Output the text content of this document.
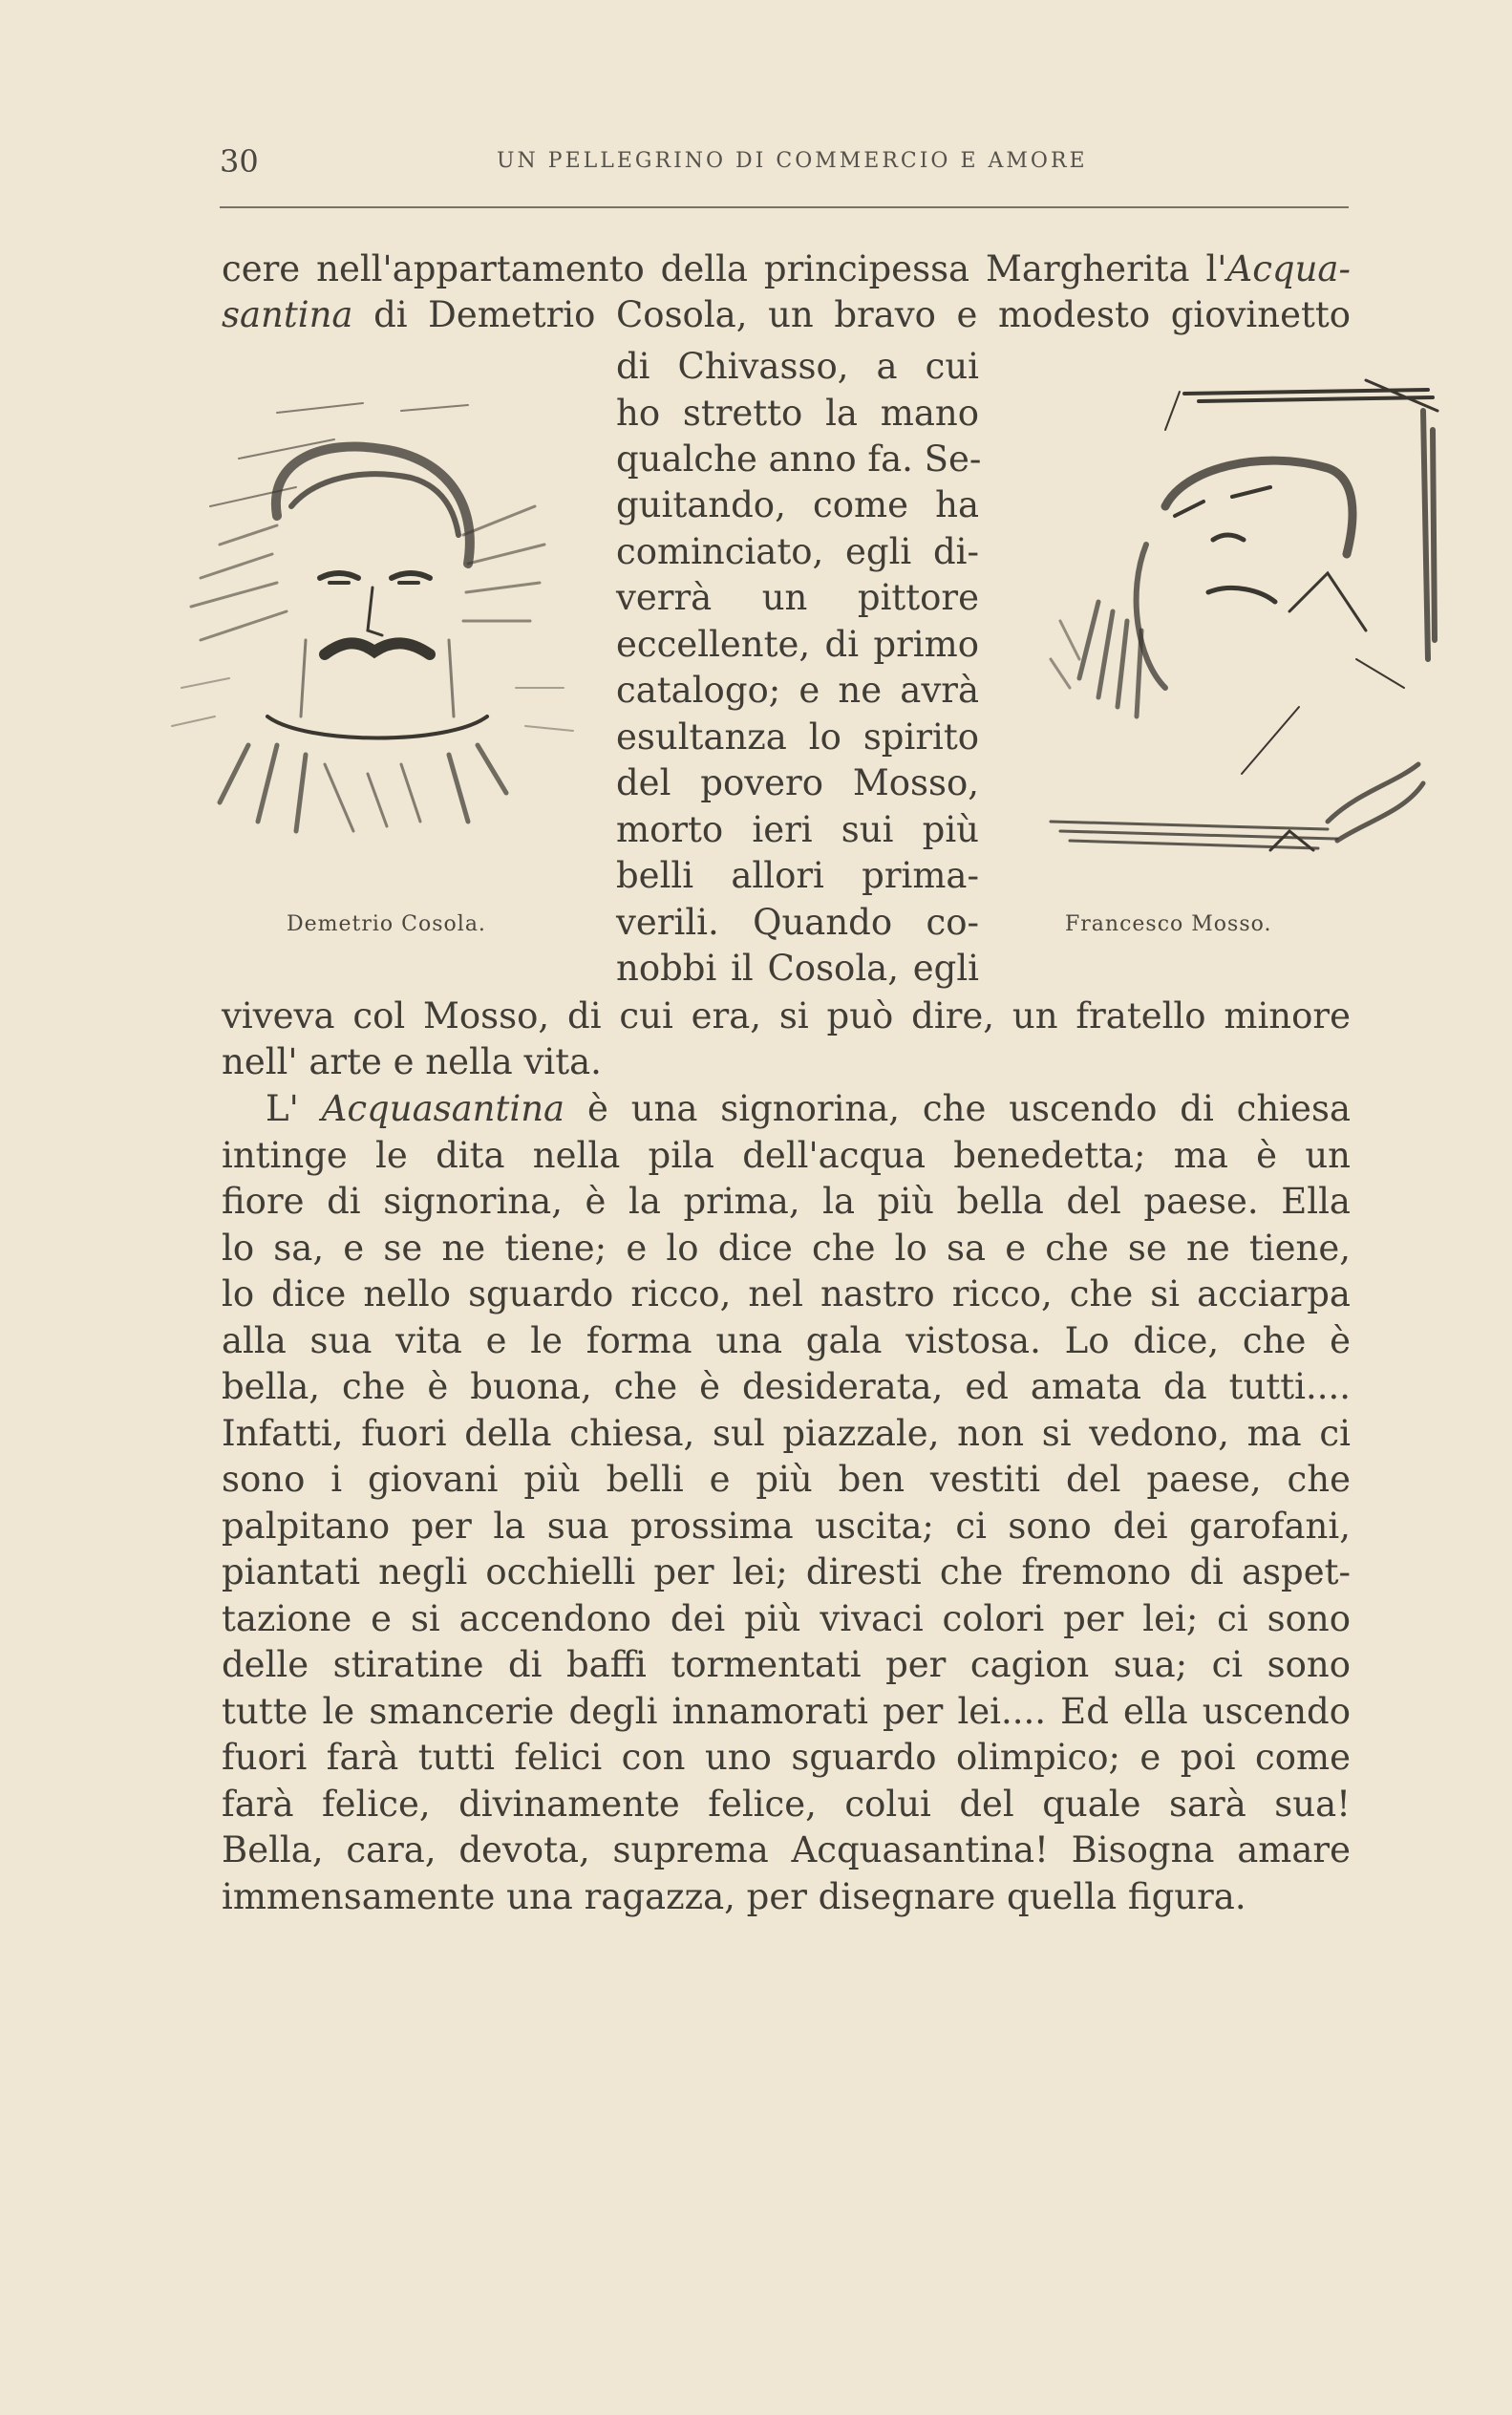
30	UN PELLEGRINO DI COMMERCIO E AMORE
cere nell'appartamento della principessa Margherita l'Acqua-
santina di Demetrio Cosola, un bravo e modesto giovinetto
di Chivasso, a cui
ho stretto la mano
qualche anno fa. Se-
guitando, come ha
cominciato, egli di-
verrà un pittore
eccellente, di primo
catalogo; e ne avrà
esultanza lo spirito
del povero Mosso,
morto ieri sui più
belli allori prima-
verili. Quando co-
nobbi il Cosola, egli
viveva col Mosso, di cui era, si può dire, un fratello minore
nell' arte e nella vita.
L' Acquasantina è una signorina, che uscendo di chiesa
intinge le dita nella pila dell'acqua benedetta; ma è un
fiore di signorina, è la prima, la più bella del paese. Ella
lo sa, e se ne tiene; e lo dice che lo sa e che se ne tiene,
lo dice nello sguardo ricco, nel nastro ricco, che si acciarpa
alla sua vita e le forma una gala vistosa. Lo dice, che è
bella, che è buona, che è desiderata, ed amata da tutti....
Infatti, fuori della chiesa, sul piazzale, non si vedono, ma ci
sono i giovani più belli e più ben vestiti del paese, che
palpitano per la sua prossima uscita; ci sono dei garofani,
piantati negli occhielli per lei; diresti che fremono di aspet-
tazione e si accendono dei più vivaci colori per lei; ci sono
delle stiratine di baffi tormentati per cagion sua; ci sono
tutte le smancerie degli innamorati per lei.... Ed ella uscendo
fuori farà tutti felici con uno sguardo olimpico; e poi come
farà felice, divinamente felice, colui del quale sarà sua!
Bella, cara, devota, suprema Acquasantina! Bisogna amare
immensamente una ragazza, per disegnare quella figura.
Demetrio Cosola.	Francesco Mosso.
